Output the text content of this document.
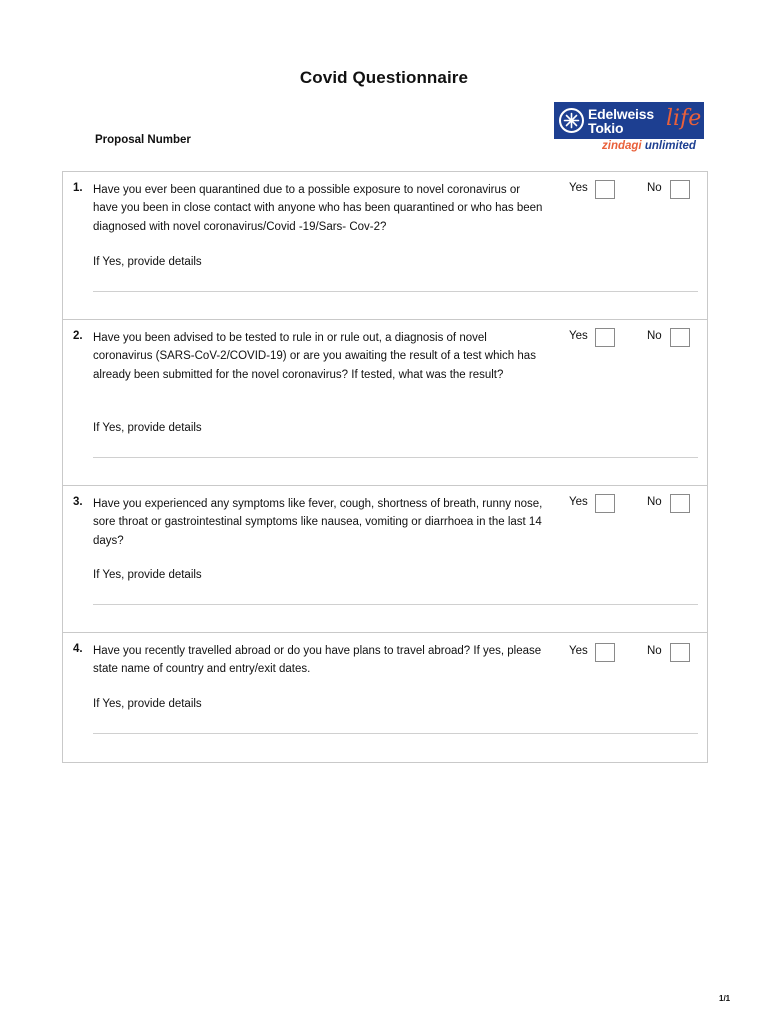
Covid Questionnaire
Proposal Number
Edelweiss
Tokio life
zindagi unlimited
1. Have you ever been quarantined due to a possible exposure to novel coronavirus or have you been in close contact with anyone who has been quarantined or who has been diagnosed with novel coronavirus/Covid -19/Sars- Cov-2?
Yes	No
If Yes, provide details
2. Have you been advised to be tested to rule in or rule out, a diagnosis of novel coronavirus (SARS-CoV-2/COVID-19) or are you awaiting the result of a test which has already been submitted for the novel coronavirus? If tested, what was the result?
Yes	No
If Yes, provide details
3. Have you experienced any symptoms like fever, cough, shortness of breath, runny nose, sore throat or gastrointestinal symptoms like nausea, vomiting or diarrhoea in the last 14 days?
Yes	No
If Yes, provide details
4. Have you recently travelled abroad or do you have plans to travel abroad? If yes, please state name of country and entry/exit dates.
Yes	No
If Yes, provide details
1/1
